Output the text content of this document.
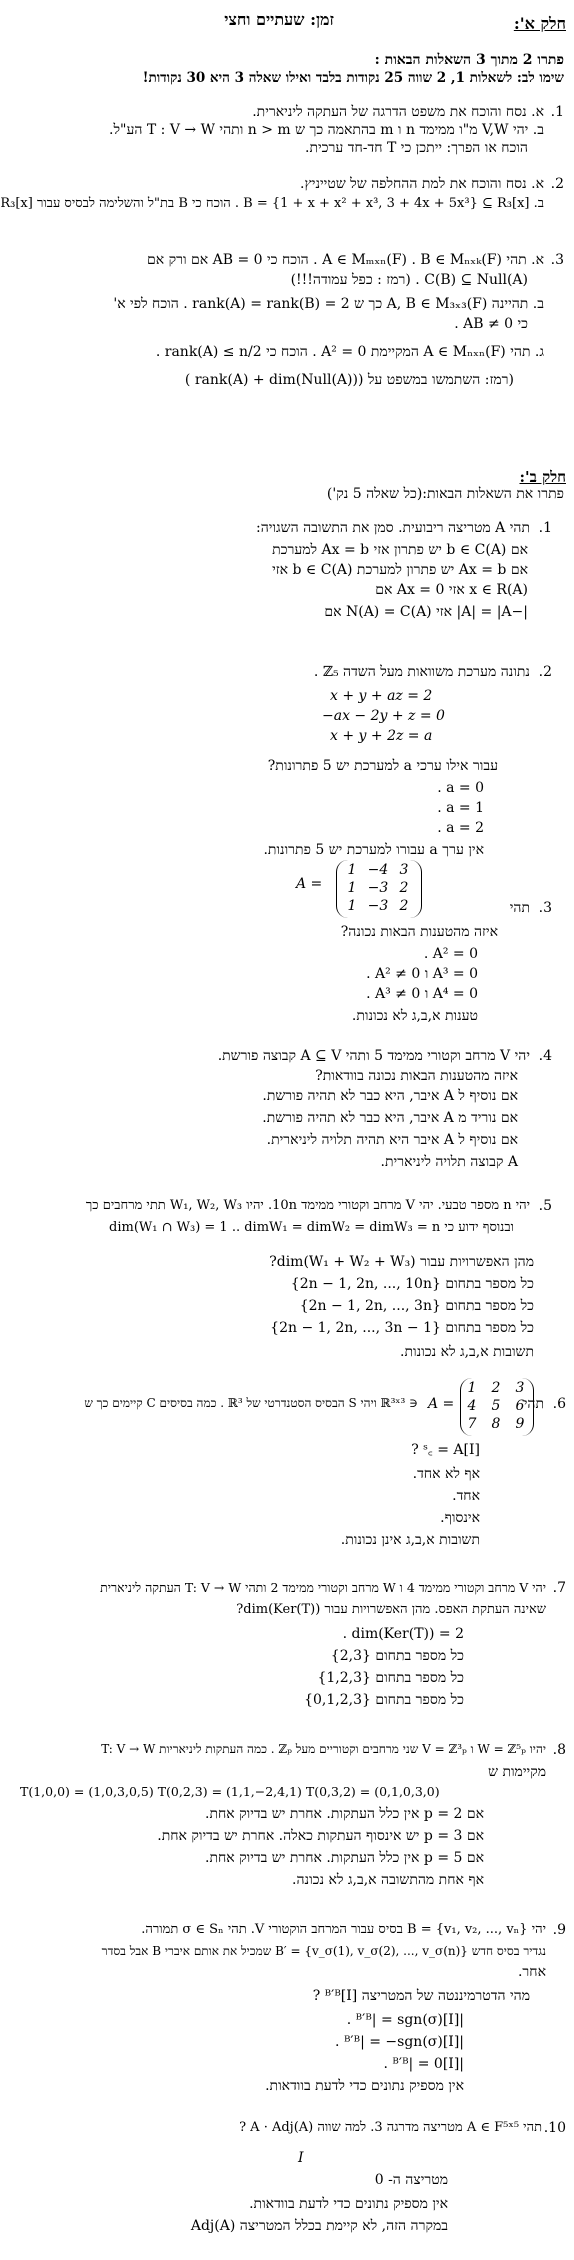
חלק א':
זמן: שעתיים וחצי
פתרו 2 מתוך 3 השאלות הבאות :
שימו לב: לשאלות 1, 2 שווה 25 נקודות בלבד ואילו שאלה 3 היא 30 נקודות!
1.
א. נסח והוכח את משפט הדרגה של העתקה ליניארית.
ב. יהי V,W מ"ו ממימד n ו m בהתאמה כך ש n > m ותהי T : V → W הע"ל.
הוכח או הפרך: ייתכן כי T חד-חד ערכית.
2.
א. נסח והוכח את למת ההחלפה של שטייניץ.
ב. B = {1 + x + x² + x³, 3 + 4x + 5x³} ⊆ R₃[x] . הוכח כי B בת"ל והשלימה לבסיס עבור R₃[x]
3.
א. תהי A ∈ Mₘₓₙ(F) . B ∈ Mₙₓₖ(F) . הוכח כי AB = 0 אם ורק אם
C(B) ⊆ Null(A) . (רמז : כפל עמודה!!!)
ב. תהיינה A, B ∈ M₃ₓ₃(F) כך ש rank(A) = rank(B) = 2 . הוכח לפי א'
כי AB ≠ 0 .
ג. תהי A ∈ Mₙₓₙ(F) המקיימת A² = 0 . הוכח כי rank(A) ≤ n/2 .
(רמז: השתמשו במשפט על (rank(A) + dim(Null(A)) )
חלק ב':
פתרו את השאלות הבאות:(כל שאלה 5 נק')
1.
תהי A מטריצה ריבועית. סמן את התשובה השגויה:
אם b ∈ C(A) יש פתרון אזי Ax = b למערכת
אם Ax = b יש פתרון למערכת b ∈ C(A) אזי
x ∈ R(A) אזי Ax = 0 אם
|−A| = |A| אזי N(A) = C(A) אם
2.
נתונה מערכת משוואות מעל השדה ℤ₅ .
x + y + az = 2
−ax − 2y + z = 0
x + y + 2z = a
עבור אילו ערכי a למערכת יש 5 פתרונות?
a = 0 .
a = 1 .
a = 2 .
אין ערך a עבורו למערכת יש 5 פתרונות.
3.
תהי
A =
1 −4 3
1 −3 2
1 −3 2
איזה מהטענות הבאות נכונה?
A² = 0 .
A³ = 0 ו A² ≠ 0 .
A⁴ = 0 ו A³ ≠ 0 .
טענות א,ב,ג לא נכונות.
4.
יהי V מרחב וקטורי ממימד 5 ותהי A ⊆ V קבוצה פורשת.
איזה מהטענות הבאות נכונה בוודאות?
אם נוסיף ל A איבר, היא כבר לא תהיה פורשת.
אם נוריד מ A איבר, היא כבר לא תהיה פורשת.
אם נוסיף ל A איבר היא תהיה תלויה ליניארית.
A קבוצה תלויה ליניארית.
5.
יהי n מספר טבעי. יהי V מרחב וקטורי ממימד 10n. יהיו W₁, W₂, W₃ תתי מרחבים כך
ובנוסף ידוע כי dim(W₁ ∩ W₃) = 1 .. dimW₁ = dimW₂ = dimW₃ = n
מהן האפשרויות עבור dim(W₁ + W₂ + W₃)?
כל מספר בתחום {2n − 1, 2n, ..., 10n}
כל מספר בתחום {2n − 1, 2n, ..., 3n}
כל מספר בתחום {2n − 1, 2n, ..., 3n − 1}
תשובות א,ב,ג לא נכונות.
6.
תהי
∈ ℝ³ˣ³ ויהי S הבסיס הסטנדרטי של ℝ³ . כמה בסיסים C קיימים כך ש A =
1	2	3
4	5	6
7	8	9
[I]ˢ꜀ = A ?
אף לא אחד.
אחד.
אינסוף.
תשובות א,ב,ג אינן נכונות.
7.
יהי V מרחב וקטורי ממימד 4 ו W מרחב וקטורי ממימד 2 ותהי T: V → W העתקה ליניארית
שאינה העתקת האפס. מהן האפשרויות עבור dim(Ker(T))?
dim(Ker(T)) = 2 .
כל מספר בתחום {2,3}
כל מספר בתחום {1,2,3}
כל מספר בתחום {0,1,2,3}
8.
יהיו W = ℤ⁵ₚ ו V = ℤ³ₚ שני מרחבים וקטוריים מעל ℤₚ . כמה העתקות ליניאריות T: V → W
מקיימות ש
T(1,0,0) = (1,0,3,0,5) T(0,2,3) = (1,1,−2,4,1) T(0,3,2) = (0,1,0,3,0)
אם p = 2 אין כלל העתקות. אחרת יש בדיוק אחת.
אם p = 3 יש אינסוף העתקות כאלה. אחרת יש בדיוק אחת.
אם p = 5 אין כלל העתקות. אחרת יש בדיוק אחת.
אף אחת מהתשובה א,ב,ג לא נכונה.
9.
יהי B = {v₁, v₂, ..., vₙ} בסיס עבור המרחב הוקטורי V. תהי σ ∈ Sₙ תמורה.
נגדיר בסיס חדש B′ = {v_σ(1), v_σ(2), ..., v_σ(n)} שמכיל את אותם איברי B אבל בסדר
אחר.
מהי הדטרמיננטה של המטריצה [I]ᴮ′ᴮ ?
|[I]ᴮ′ᴮ| = sgn(σ) .
|[I]ᴮ′ᴮ| = −sgn(σ) .
|[I]ᴮ′ᴮ| = 0 .
אין מספיק נתונים כדי לדעת בוודאות.
10.
תהי A ∈ F⁵ˣ⁵ מטריצה מדרגה 3. למה שווה A · Adj(A) ?
I
מטריצה ה- 0
אין מספיק נתונים כדי לדעת בוודאות.
במקרה הזה, לא קיימת בכלל המטריצה Adj(A)
